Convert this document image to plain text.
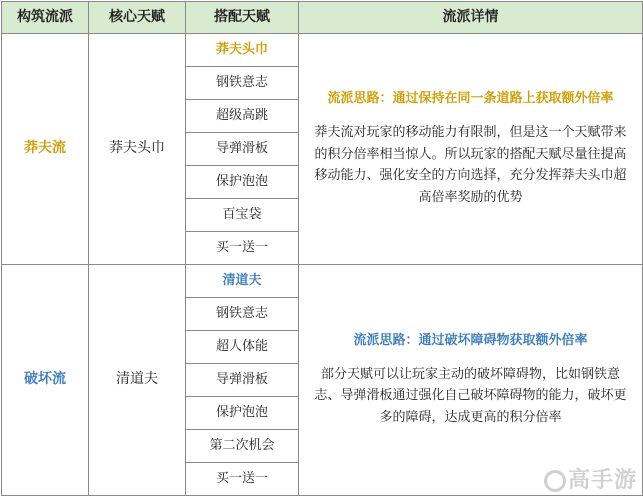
构筑流派	核心天赋	搭配天赋	流派详情
莽夫流	莽夫头巾	莽夫头巾	流派思路：通过保持在同一条道路上获取额外倍率
莽夫流对玩家的移动能力有限制，但是这一个天赋带来的积分倍率相当惊人。所以玩家的搭配天赋尽量往提高移动能力、强化安全的方向选择，充分发挥莽夫头巾超高倍率奖励的优势

		钢铁意志	
		超级高跳	
		导弹滑板	
		保护泡泡	
		百宝袋	
		买一送一	
破坏流	清道夫	清道夫	流派思路：通过破坏障碍物获取额外倍率
部分天赋可以让玩家主动的破坏障碍物，比如钢铁意志、导弹滑板通过强化自己破坏障碍物的能力，破坏更多的障碍，达成更高的积分倍率

		钢铁意志	
		超人体能	
		导弹滑板	
		保护泡泡	
		第二次机会	
		买一送一		高手游
